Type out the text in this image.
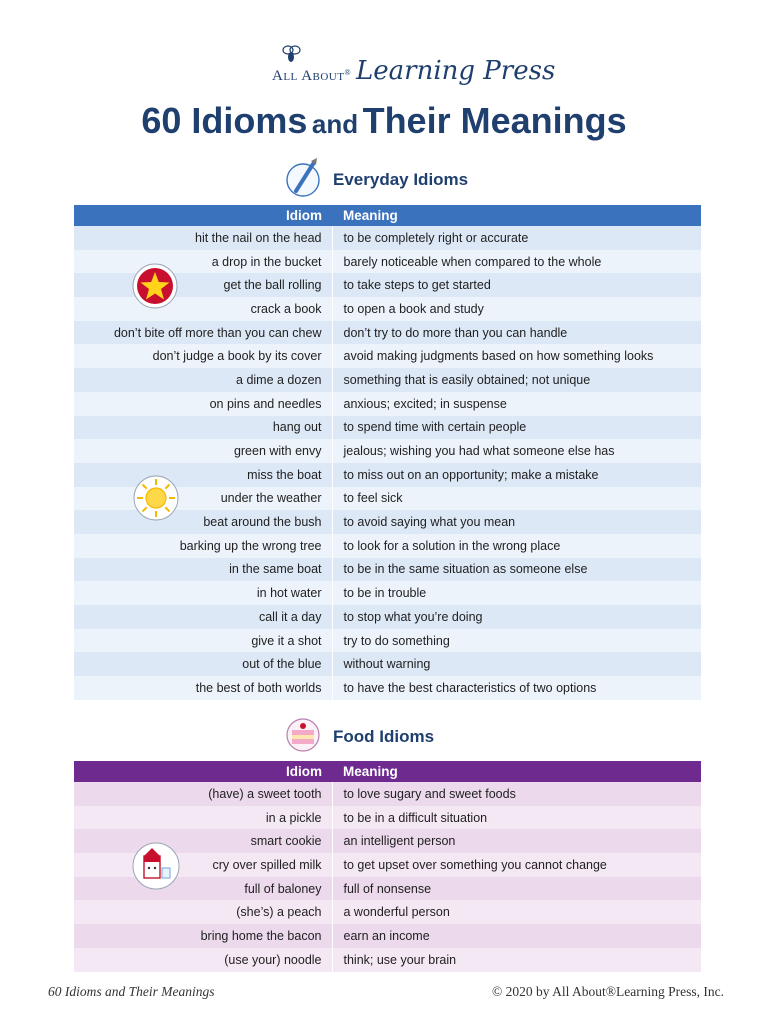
All About® Learning Press
60 Idioms and Their Meanings
Everyday Idioms
Idiom	Meaning
hit the nail on the head	to be completely right or accurate
a drop in the bucket	barely noticeable when compared to the whole
get the ball rolling	to take steps to get started
crack a book	to open a book and study
don’t bite off more than you can chew	don’t try to do more than you can handle
don’t judge a book by its cover	avoid making judgments based on how something looks
a dime a dozen	something that is easily obtained; not unique
on pins and needles	anxious; excited; in suspense
hang out	to spend time with certain people
green with envy	jealous; wishing you had what someone else has
miss the boat	to miss out on an opportunity; make a mistake
under the weather	to feel sick
beat around the bush	to avoid saying what you mean
barking up the wrong tree	to look for a solution in the wrong place
in the same boat	to be in the same situation as someone else
in hot water	to be in trouble
call it a day	to stop what you’re doing
give it a shot	try to do something
out of the blue	without warning
the best of both worlds	to have the best characteristics of two options
Food Idioms
Idiom	Meaning
(have) a sweet tooth	to love sugary and sweet foods
in a pickle	to be in a difficult situation
smart cookie	an intelligent person
cry over spilled milk	to get upset over something you cannot change
full of baloney	full of nonsense
(she’s) a peach	a wonderful person
bring home the bacon	earn an income
(use your) noodle	think; use your brain
60 Idioms and Their Meanings	© 2020 by All About®Learning Press, Inc.
